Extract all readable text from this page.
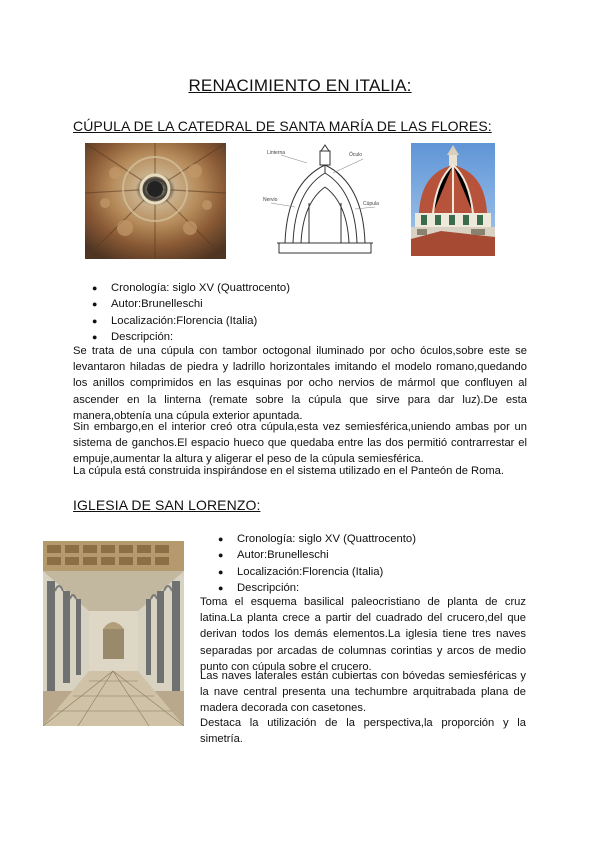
RENACIMIENTO EN ITALIA:
CÚPULA DE LA CATEDRAL DE SANTA MARÍA DE LAS FLORES:
Linterna	Óculo
Nervio
Cúpula
● Cronología: siglo XV (Quattrocento)
● Autor:Brunelleschi
● Localización:Florencia (Italia)
● Descripción:

Se trata de una cúpula con tambor octogonal iluminado por ocho óculos,sobre este se levantaron hiladas de piedra y ladrillo horizontales imitando el modelo romano,quedando los anillos comprimidos en las esquinas por ocho nervios de mármol que confluyen al ascender en la linterna (remate sobre la cúpula que sirve para dar luz).De esta manera,obtenía una cúpula exterior apuntada.

Sin embargo,en el interior creó otra cúpula,esta vez semiesférica,uniendo ambas por un sistema de ganchos.El espacio hueco que quedaba entre las dos permitió contrarrestar el empuje,aumentar la altura y aligerar el peso de la cúpula semiesférica.

La cúpula está construida inspirándose en el sistema utilizado en el Panteón de Roma.

IGLESIA DE SAN LORENZO:
● Cronología: siglo XV (Quattrocento)
● Autor:Brunelleschi
● Localización:Florencia (Italia)
● Descripción:

Toma el esquema basilical paleocristiano de planta de cruz latina.La planta crece a partir del cuadrado del crucero,del que derivan todos los demás elementos.La iglesia tiene tres naves separadas por arcadas de columnas corintias y arcos de medio punto con cúpula sobre el crucero.

Las naves laterales están cubiertas con bóvedas semiesféricas y la nave central presenta una techumbre arquitrabada plana de madera decorada con casetones.

Destaca la utilización de la perspectiva,la proporción y la simetría.
